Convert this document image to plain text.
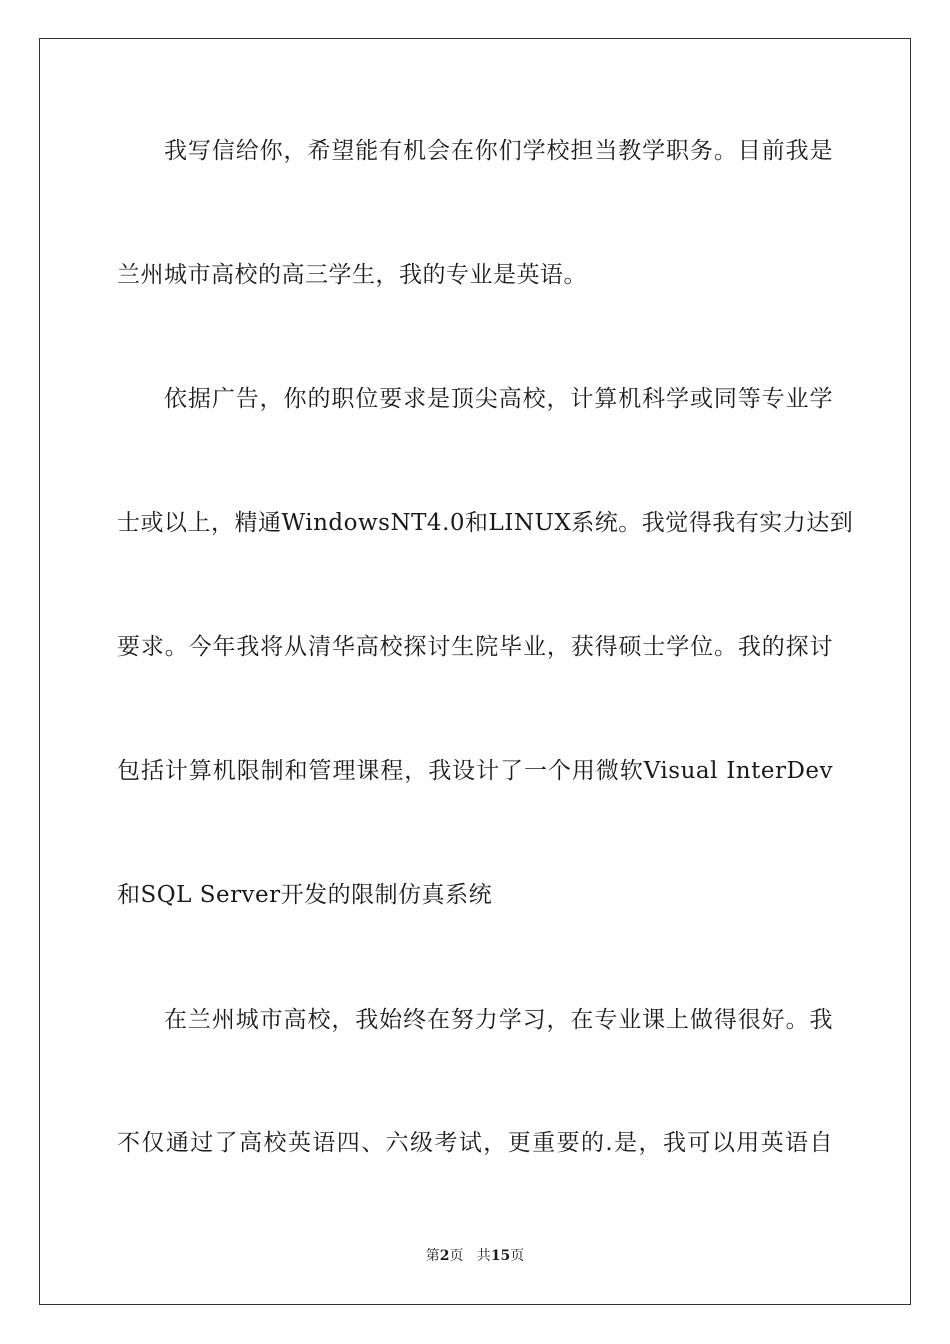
我写信给你，希望能有机会在你们学校担当教学职务。目前我是
兰州城市高校的高三学生，我的专业是英语。
依据广告，你的职位要求是顶尖高校，计算机科学或同等专业学
士或以上，精通WindowsNT4.0和LINUX系统。我觉得我有实力达到
要求。今年我将从清华高校探讨生院毕业，获得硕士学位。我的探讨
包括计算机限制和管理课程，我设计了一个用微软Visual InterDev
和SQL Server开发的限制仿真系统
在兰州城市高校，我始终在努力学习，在专业课上做得很好。我
不仅通过了高校英语四、六级考试，更重要的.是，我可以用英语自
第2页   共15页
